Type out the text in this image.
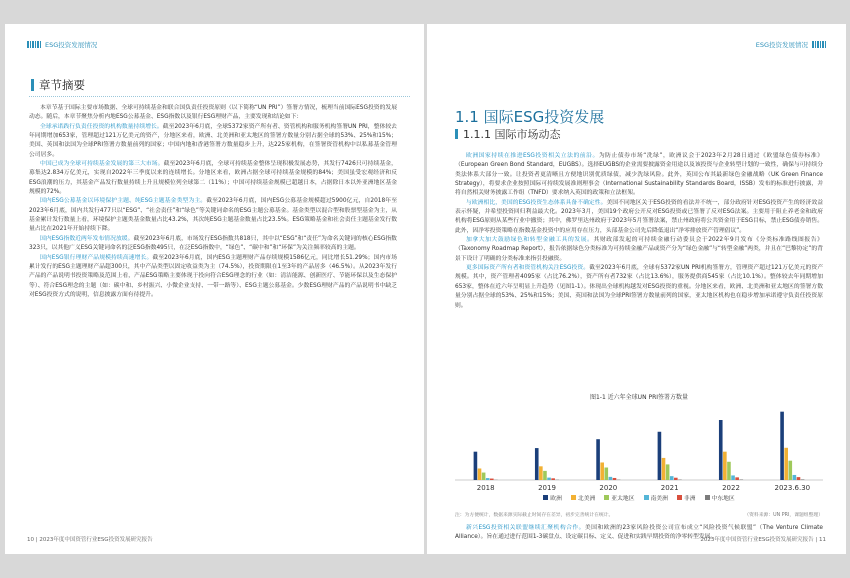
ESG投资发展情况
章节摘要

本章节基于国际主要市场数据、全球可持续基金和联合国负责任投资原则（以下简称“UN PRI”）签署方情况，梳理当前国际ESG投资的发展动态。随后，本章节聚焦分析内地ESG公募基金、ESG指数以及银行ESG理财产品，主要发现和结论如下：

全球承诺践行负责任投资的机构数量持续增长。截至2023年6月底，全球5372家资产所有者、资管机构和服务机构签署UN PRI，整体较去年同期增加653家，管理超过121万亿美元的资产，分地区来看，欧洲、北美洲和亚太地区的签署方数量分别占据全球的53%、25%和15%；美国、英国和法国为全球PRI签署方数量前列的国家；中国内地和香港签署方数量稳步上升，达225家机构，在签署资管机构中以私募基金管理公司居多。

中国已成为全球可持续基金发展的第三大市场。截至2023年6月底，全球可持续基金整体呈现积极发展态势，其发行7426只可持续基金，募集达2.834万亿美元，实现自2022年三季度以来的连续增长。分地区来看，欧洲占据全球可持续基金规模的84%；美国虽受宏观经济和反ESG浪潮的压力，其基金产品发行数量持续上升且规模位列全球第二（11%）；中国可持续基金规模已超越日本，占据除日本以外亚洲地区基金规模的72%。

国内ESG公募基金以环境保护主题、纯ESG主题基金类型为主。截至2023年6月底，国内ESG公募基金规模超过5900亿元，自2018年至2023年6月底，国内共发行477只以“ESG”、“社会责任”和“绿色”等关键词命名的ESG主题公募基金。基金类型以混合型和股票型基金为主，从基金累计发行数量上看，环境保护主题类基金数量占比43.2%，其次纯ESG主题基金数量占比23.5%。ESG策略基金和社会责任主题基金发行数量占比在2021年开始持续下降。

国内ESG指数近两年发布情况放缓。截至2023年6月底，市场发行ESG指数共818只，其中以“ESG”和“责任”为命名关键词的核心ESG指数323只，以其他广义ESG关键词命名的泛ESG指数495只，在泛ESG指数中，“绿色”、“碳中和”和“环保”为关注频率较高的主题。

国内ESG银行理财产品规模持续高速增长。截至2023年6月底，国内ESG主题理财产品存续规模1586亿元，同比增长51.29%；国内市场累计发行的ESG主题理财产品超300只，其中产品类型以固定收益类为主（74.5%），投资期限在1至3年的产品居多（46.5%）。从2023年发行产品的产品说明书投资策略及范围上看，产品ESG策略主要体现于投向符合ESG理念的行业（如：清洁能源、创新医疗、节能环保以及生态保护等）、符合ESG理念的主题（如：碳中和、乡村振兴、小微企业支持、一带一路等）、ESG主题公募基金。少数ESG理财产品的产品说明书中缺乏对ESG投资方式的说明，信息披露方面有待提升。

10 | 2023年度中国资管行业ESG投资发展研究报告
ESG投资发展情况
1.1 国际ESG投资发展
1.1.1 国际市场动态

欧洲国家持续在推进ESG投资相关立法的前沿。为防止债券市场“洗绿”，欧洲议会于2023年2月28日通过《欧盟绿色债券标准》（European Green Bond Standard，EUGBS）。选择EUGBS的企业需要披露资金用途以及该投资与企业转型计划的一致性，确保与可持续分类法体系大部分一致。让投资者更清晰且方便地识别优质绿债，减少洗绿风险。此外，英国公布其最新绿色金融战略（UK Green Finance Strategy），将要求企业按照国际可持续发展准则理事会（International Sustainability Standards Board，ISSB）发布的标准进行披露，并将自然相关财务披露工作组（TNFD）要求纳入英国的政策和立法框架。

与欧洲相比，美国的ESG投资生态体系具备不确定性。美国不同地区关于ESG投资的看法并不统一，部分政府针对ESG投资产生的经济效益表示怀疑，并希望投资回归利益最大化。2023年3月，美国19个政府公开反对ESG投资或已签署了反对ESG法案。主要用于阻止养老金和政府机构将ESG原则从某些行业中撤资；其中，佛罗里达州政府于2023年5月签署法案，禁止州政府将公共资金用于ESG目标，禁止ESG债券销售。此外，因净零投资策略在指数基金投资中的应用存在压力，头部基金公司先后降低退出“净零排放资产管理倡议”。

加拿大加大鼓励绿色和转型金融工具的发展。其财政部发起的可持续金融行动委员会于2022年9月发布《分类标准路线图报告》（Taxonomy Roadmap Report），报告依据绿色分类标准为可持续金融产品或资产分为“绿色金融”与“转型金融”两类，并且在“巴黎协定”的背景下设计了明确的分类标准来指引投融资。

更多国际资产所有者和资管机构关注ESG投资。截至2023年6月底，全球有5372家UN PRI机构签署方，管理资产超过121万亿美元的资产规模。其中，资产管理者4095家（占比76.2%），资产所有者732家（占比13.6%），服务提供商545家（占比10.1%）。整体较去年同期增加653家，整体在近六年呈明显上升趋势（见图1-1）。体现出全球机构越发对ESG投资的重视。分地区来看，欧洲、北美洲和亚太地区的签署方数量分别占据全球的53%、25%和15%；美国、英国和法国为全球PRI签署方数量前列的国家，亚太地区机构也在稳步增加承诺遵守负责任投资原则。

图1-1 近六年全球UN PRI签署方数量
2018	2019	2020	2021	2022	2023.6.30
欧洲	北美洲	亚太地区	南美洲	非洲	中东地区
注：为方便统计，数据来源实际截止时间存在差异，初步完善统计在统计。	（资料来源：UN PRI，课题组整理）

新兴ESG投资相关联盟继续汇聚机构合作。美国和欧洲的23家风险投资公司宣布成立“风险投资气候联盟”（The Venture Climate Alliance）。旨在通过进行范围1-3碳盘点、设定碳目标、定义、促进和实践早期投资的净零转型发展。

2023年度中国资管行业ESG投资发展研究报告 | 11
